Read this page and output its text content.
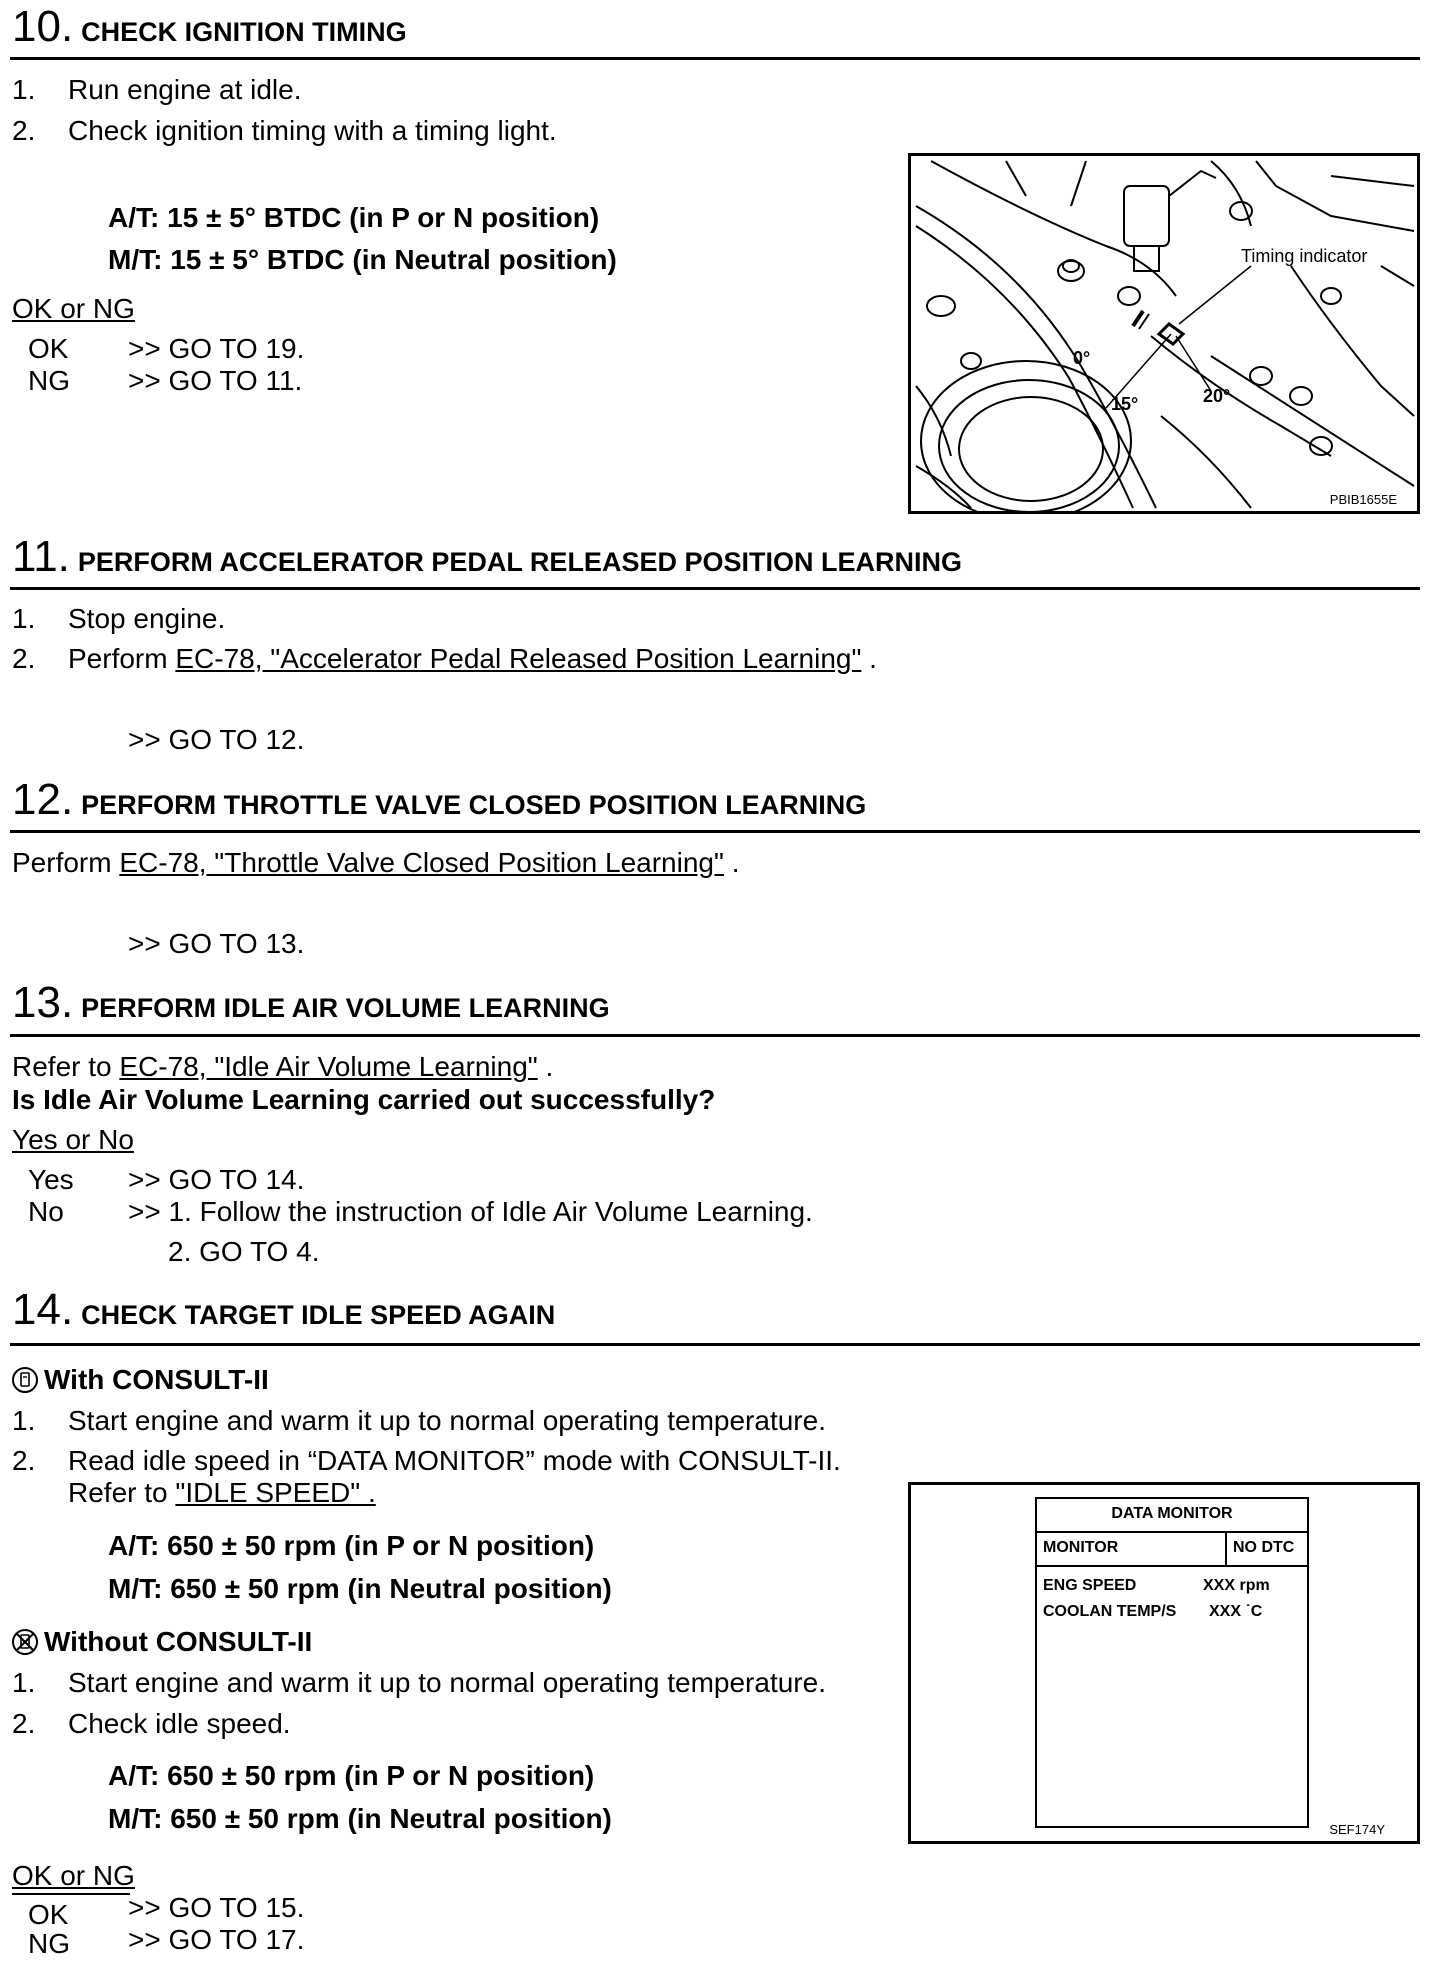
10. CHECK IGNITION TIMING
1. Run engine at idle.
2. Check ignition timing with a timing light.
A/T: 15 ± 5° BTDC (in P or N position)
M/T: 15 ± 5° BTDC (in Neutral position)
OK or NG
OK >> GO TO 19.
NG >> GO TO 11.
Timing indicator
0°
15°	20°
PBIB1655E
11. PERFORM ACCELERATOR PEDAL RELEASED POSITION LEARNING
1. Stop engine.
2. Perform EC-78, "Accelerator Pedal Released Position Learning" .
>> GO TO 12.
12. PERFORM THROTTLE VALVE CLOSED POSITION LEARNING
Perform EC-78, "Throttle Valve Closed Position Learning" .
>> GO TO 13.
13. PERFORM IDLE AIR VOLUME LEARNING
Refer to EC-78, "Idle Air Volume Learning" .
Is Idle Air Volume Learning carried out successfully?
Yes or No
Yes >> GO TO 14.
No >> 1. Follow the instruction of Idle Air Volume Learning.
2. GO TO 4.
14. CHECK TARGET IDLE SPEED AGAIN
With CONSULT-II
1. Start engine and warm it up to normal operating temperature.
2. Read idle speed in “DATA MONITOR” mode with CONSULT-II.
Refer to "IDLE SPEED" .
A/T: 650 ± 50 rpm (in P or N position)
M/T: 650 ± 50 rpm (in Neutral position)
Without CONSULT-II
1. Start engine and warm it up to normal operating temperature.
2. Check idle speed.
A/T: 650 ± 50 rpm (in P or N position)
M/T: 650 ± 50 rpm (in Neutral position)
OK or NG
OK >> GO TO 15.
NG >> GO TO 17.
DATA MONITOR
MONITOR	NO DTC
ENG SPEED	XXX rpm
COOLAN TEMP/S XXX ˙C
SEF174Y
